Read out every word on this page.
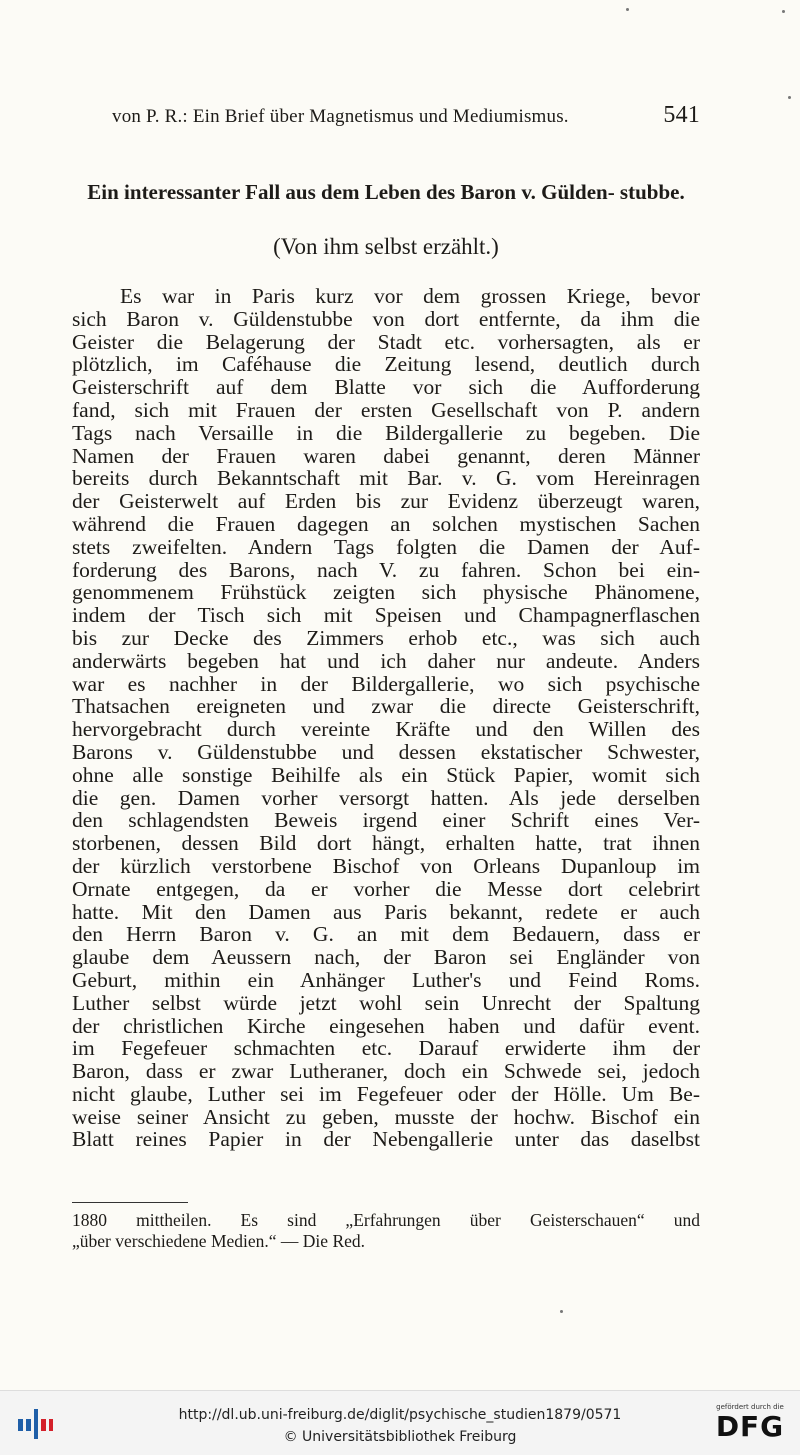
von P. R.: Ein Brief über Magnetismus und Mediumismus.	541
Ein interessanter Fall aus dem Leben des Baron v. Gülden- stubbe.
(Von ihm selbst erzählt.)
Es war in Paris kurz vor dem grossen Kriege, bevor
sich Baron v. Güldenstubbe von dort entfernte, da ihm die
Geister die Belagerung der Stadt etc. vorhersagten, als er
plötzlich, im Caféhause die Zeitung lesend, deutlich durch
Geisterschrift auf dem Blatte vor sich die Aufforderung
fand, sich mit Frauen der ersten Gesellschaft von P. andern
Tags nach Versaille in die Bildergallerie zu begeben. Die
Namen der Frauen waren dabei genannt, deren Männer
bereits durch Bekanntschaft mit Bar. v. G. vom Hereinragen
der Geisterwelt auf Erden bis zur Evidenz überzeugt waren,
während die Frauen dagegen an solchen mystischen Sachen
stets zweifelten. Andern Tags folgten die Damen der Auf-
forderung des Barons, nach V. zu fahren. Schon bei ein-
genommenem Frühstück zeigten sich physische Phänomene,
indem der Tisch sich mit Speisen und Champagnerflaschen
bis zur Decke des Zimmers erhob etc., was sich auch
anderwärts begeben hat und ich daher nur andeute. Anders
war es nachher in der Bildergallerie, wo sich psychische
Thatsachen ereigneten und zwar die directe Geisterschrift,
hervorgebracht durch vereinte Kräfte und den Willen des
Barons v. Güldenstubbe und dessen ekstatischer Schwester,
ohne alle sonstige Beihilfe als ein Stück Papier, womit sich
die gen. Damen vorher versorgt hatten. Als jede derselben
den schlagendsten Beweis irgend einer Schrift eines Ver-
storbenen, dessen Bild dort hängt, erhalten hatte, trat ihnen
der kürzlich verstorbene Bischof von Orleans Dupanloup im
Ornate entgegen, da er vorher die Messe dort celebrirt
hatte. Mit den Damen aus Paris bekannt, redete er auch
den Herrn Baron v. G. an mit dem Bedauern, dass er
glaube dem Aeussern nach, der Baron sei Engländer von
Geburt, mithin ein Anhänger Luther's und Feind Roms.
Luther selbst würde jetzt wohl sein Unrecht der Spaltung
der christlichen Kirche eingesehen haben und dafür event.
im Fegefeuer schmachten etc. Darauf erwiderte ihm der
Baron, dass er zwar Lutheraner, doch ein Schwede sei, jedoch
nicht glaube, Luther sei im Fegefeuer oder der Hölle. Um Be-
weise seiner Ansicht zu geben, musste der hochw. Bischof ein
Blatt reines Papier in der Nebengallerie unter das daselbst
1880 mittheilen. Es sind „Erfahrungen über Geisterschauen“ und
„über verschiedene Medien.“ — Die Red.
http://dl.ub.uni-freiburg.de/diglit/psychische_studien1879/0571
© Universitätsbibliothek Freiburg
gefördert durch die
DFG
